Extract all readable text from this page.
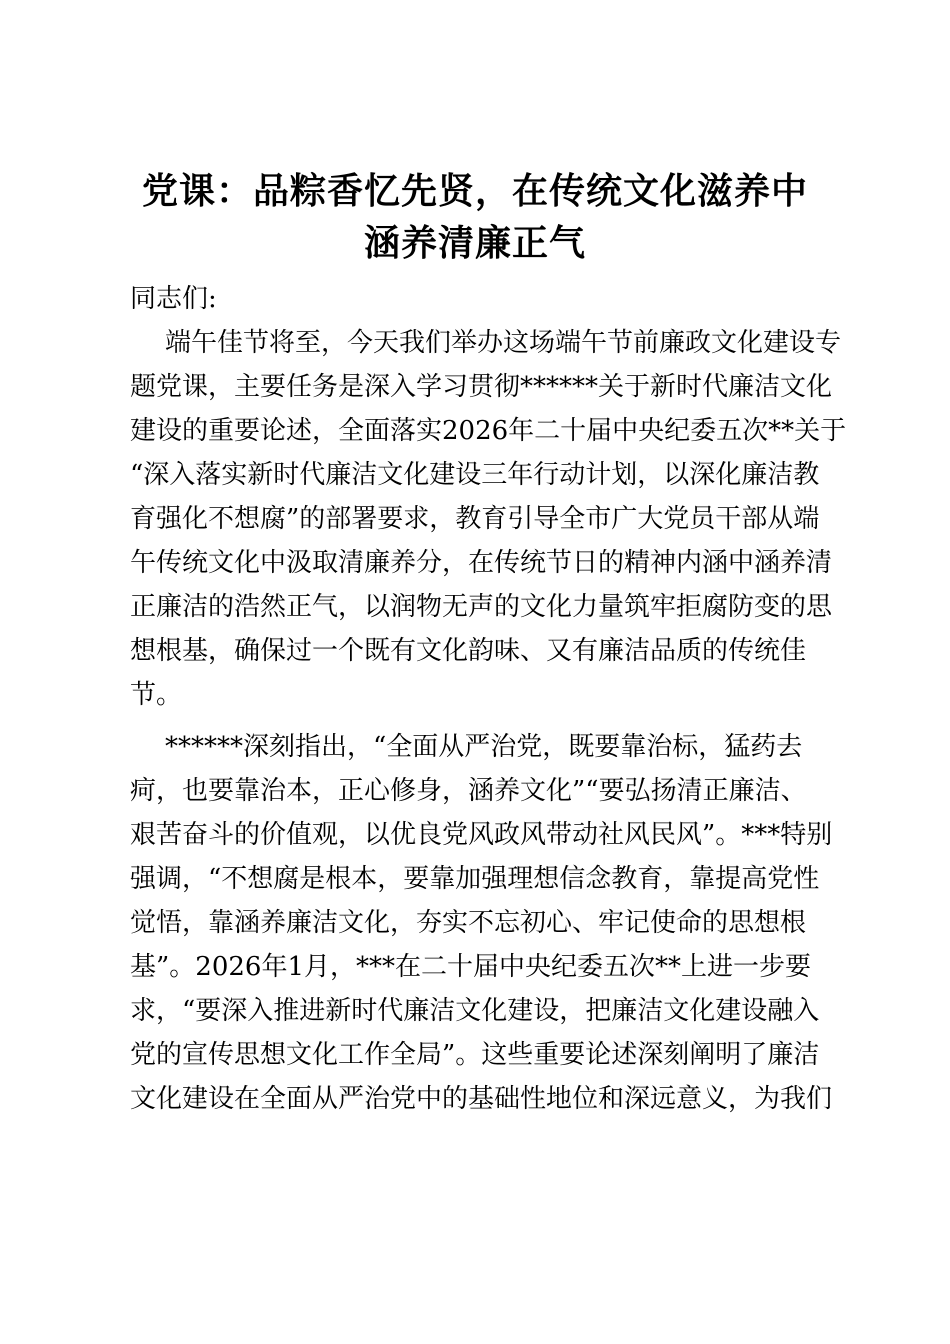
党课：品粽香忆先贤，在传统文化滋养中
涵养清廉正气

同志们:

端午佳节将至，今天我们举办这场端午节前廉政文化建设专
题党课，主要任务是深入学习贯彻******关于新时代廉洁文化
建设的重要论述，全面落实2026年二十届中央纪委五次**关于
“深入落实新时代廉洁文化建设三年行动计划，以深化廉洁教
育强化不想腐”的部署要求，教育引导全市广大党员干部从端
午传统文化中汲取清廉养分，在传统节日的精神内涵中涵养清
正廉洁的浩然正气，以润物无声的文化力量筑牢拒腐防变的思
想根基，确保过一个既有文化韵味、又有廉洁品质的传统佳
节。
******深刻指出，“全面从严治党，既要靠治标，猛药去
疴，也要靠治本，正心修身，涵养文化”“要弘扬清正廉洁、
艰苦奋斗的价值观，以优良党风政风带动社风民风”。***特别
强调，“不想腐是根本，要靠加强理想信念教育，靠提高党性
觉悟，靠涵养廉洁文化，夯实不忘初心、牢记使命的思想根
基”。2026年1月，***在二十届中央纪委五次**上进一步要
求，“要深入推进新时代廉洁文化建设，把廉洁文化建设融入
党的宣传思想文化工作全局”。这些重要论述深刻阐明了廉洁
文化建设在全面从严治党中的基础性地位和深远意义，为我们
